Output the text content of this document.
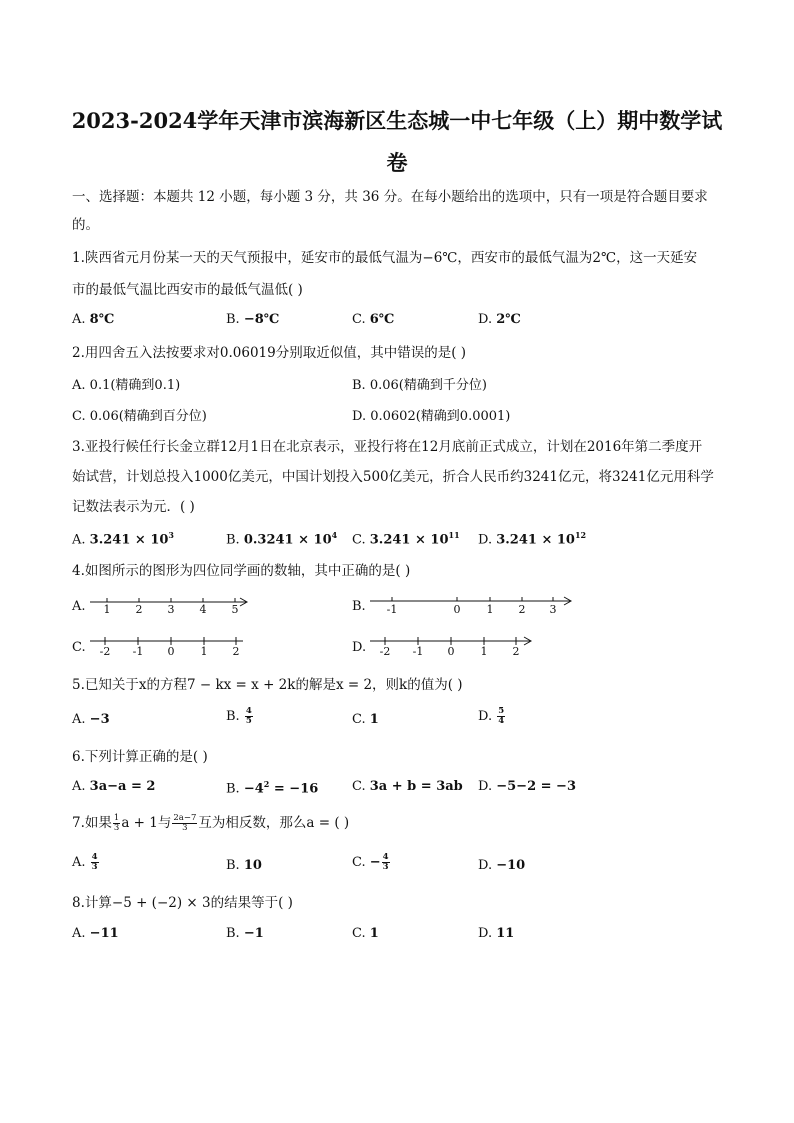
2023-2024学年天津市滨海新区生态城一中七年级（上）期中数学试
卷
一、选择题：本题共 12 小题，每小题 3 分，共 36 分。在每小题给出的选项中，只有一项是符合题目要求
的。
1.陕西省元月份某一天的天气预报中，延安市的最低气温为−6℃，西安市的最低气温为2℃，这一天延安
市的最低气温比西安市的最低气温低( )
A. 8℃	B. −8℃	C. 6℃	D. 2℃
2.用四舍五入法按要求对0.06019分别取近似值，其中错误的是( )
A. 0.1(精确到0.1)	B. 0.06(精确到千分位)
C. 0.06(精确到百分位)	D. 0.0602(精确到0.0001)
3.亚投行候任行长金立群12月1日在北京表示，亚投行将在12月底前正式成立，计划在2016年第二季度开
始试营，计划总投入1000亿美元，中国计划投入500亿美元，折合人民币约3241亿元，将3241亿元用科学
记数法表示为元．( )
A. $3.241 \times 10^3$	B. $0.3241 \times 10^4$ C. $3.241 \times 10^{11}$ D. $3.241 \times 10^{12}$
4.如图所示的图形为四位同学画的数轴，其中正确的是( )
A. 1 2 3 4 5	B. -1	0 1 2 3
C. -2 -1 0 1 2	D. -2 -1 0 1 2
5.已知关于x的方程7 − kx = x + 2k的解是x = 2，则k的值为( )
A. −3	B. $\frac{4}{5}$	C. 1	D. $\frac{5}{4}$
6.下列计算正确的是( )
A. 3a−a = 2	B. $-4^2 = -16$	C. 3a + b = 3ab D. −5−2 = −3
7.如果 $\frac{1}{3}$ a + 1与 $\frac{2a-7}{3}$ 互为相反数，那么a = ( )
A. $\frac{4}{3}$	B. 10	C. − $\frac{4}{3}$	D. −10
8.计算−5 + (−2) × 3的结果等于( )
A. −11	B. −1	C. 1	D. 11
